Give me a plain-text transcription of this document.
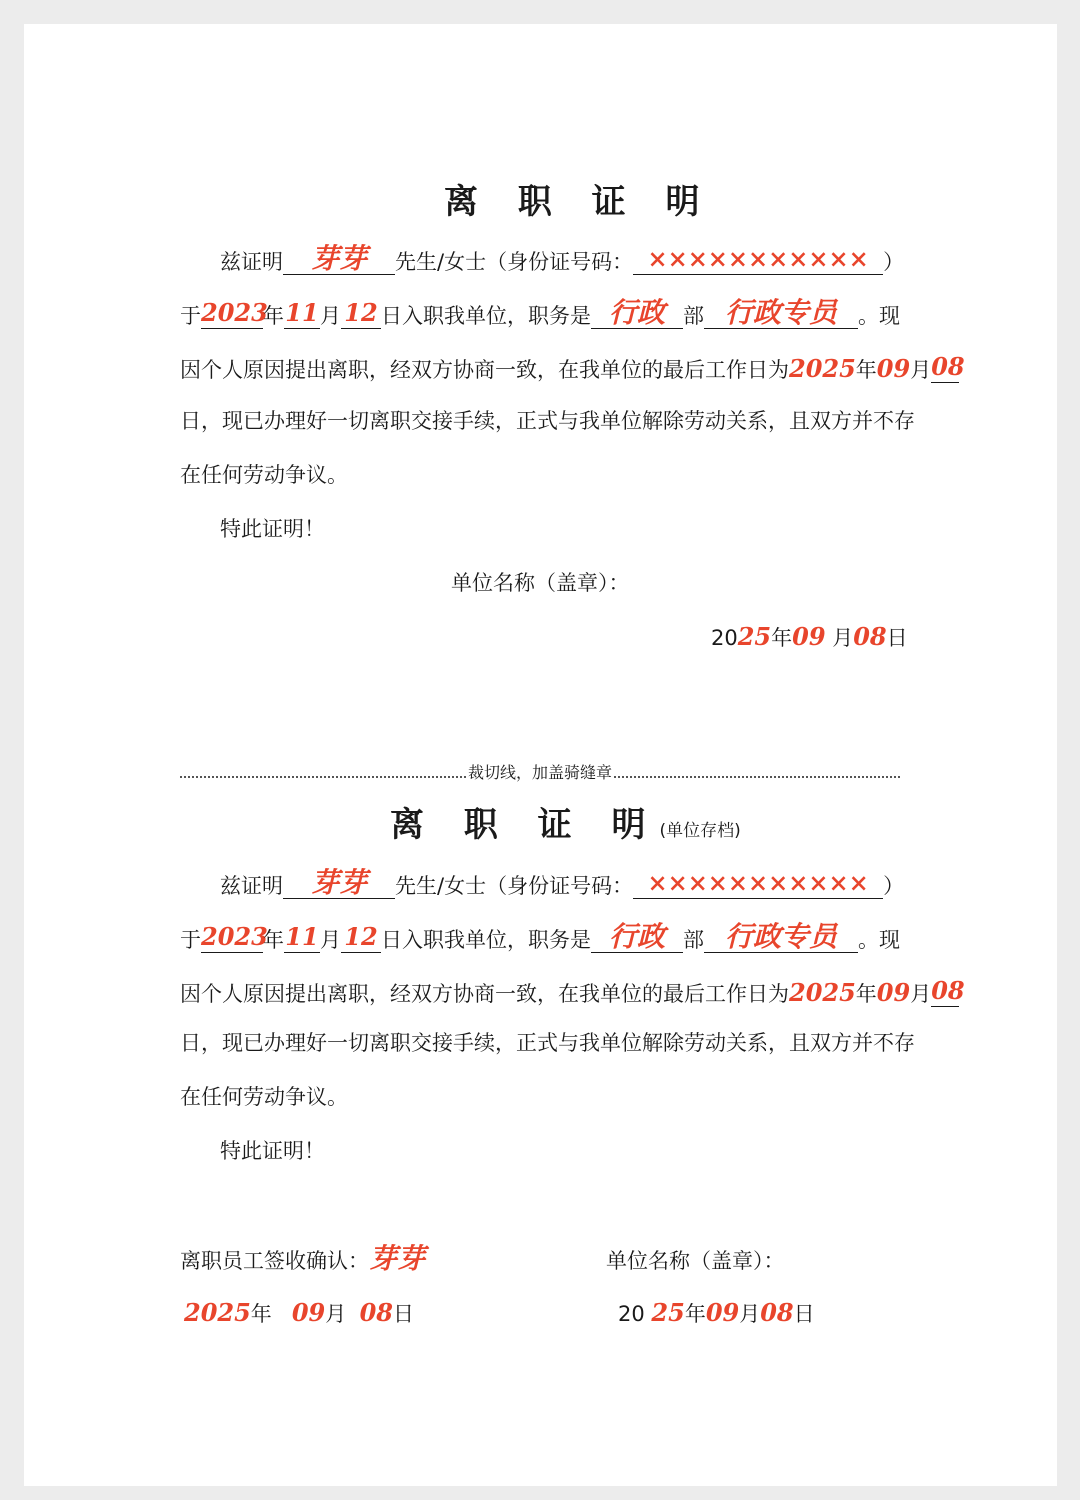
离 职 证 明
兹证明 芽芽 先生/女士（身份证号码： ××××××××××× ）
于2023年11月 12 日入职我单位，职务是 行政 部 行政专员 。现
因个人原因提出离职，经双方协商一致，在我单位的最后工作日为2025年09月08
日，现已办理好一切离职交接手续，正式与我单位解除劳动关系，且双方并不存
在任何劳动争议。
特此证明！
单位名称（盖章）：
2025年09 月08日
裁切线，加盖骑缝章
离 职 证 明(单位存档)
兹证明 芽芽 先生/女士（身份证号码： ××××××××××× ）
于2023年11月 12 日入职我单位，职务是 行政 部 行政专员 。现
因个人原因提出离职，经双方协商一致，在我单位的最后工作日为2025年09月08
日，现已办理好一切离职交接手续，正式与我单位解除劳动关系，且双方并不存
在任何劳动争议。
特此证明！
离职员工签收确认：芽芽	单位名称（盖章）：
2025年 09月 08日	20 25年09月08日
